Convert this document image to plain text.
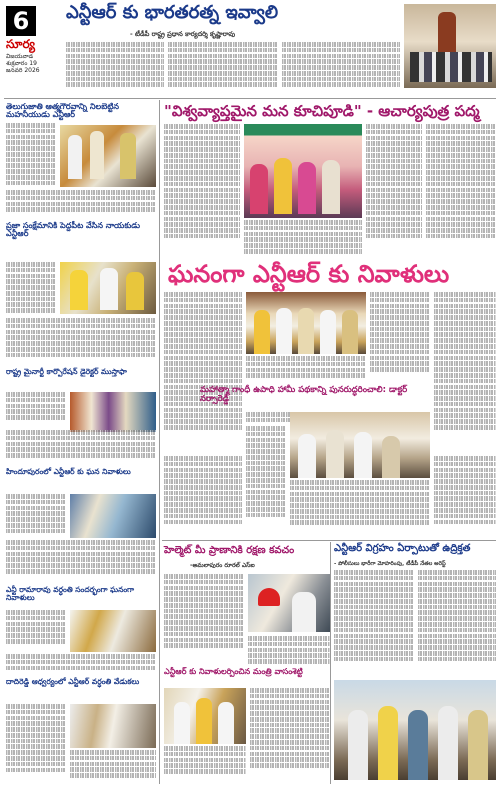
6
సూర్య
విజయవాడ
శుక్రవారం 19
జనవరి 2026
ఎన్టీఆర్ కు భారతరత్న ఇవ్వాలి
- టీడీపీ రాష్ట్ర ప్రధాన కార్యదర్శి కృష్ణారావు
తెలుగుజాతి ఆత్మగౌరవాన్ని నిలబెట్టిన మహనీయుడు ఎన్టీఆర్
ప్రజా సంక్షేమానికి పెద్దపీట వేసిన నాయకుడు ఎన్టీఆర్
రాష్ట్ర మైనార్టీ కార్పొరేషన్ డైరెక్టర్ ముస్తాఫా
హిందూపురంలో ఎన్టీఆర్ కు ఘన నివాళులు
ఎన్టీ రామారావు వర్ధంతి సందర్భంగా ఘనంగా నివాళులు
దాదిరెడ్డి ఆధ్వర్యంలో ఎన్టీఆర్ వర్ధంతి వేడుకలు
"విశ్వవ్యాప్తమైన మన కూచిపూడి" - ఆచార్యపుత్ర పద్మ
ఘనంగా ఎన్టీఆర్ కు నివాళులు
మహాత్మా గాంధీ ఉపాధి హామీ పథకాన్ని పునరుద్ధరించాలి: డాక్టర్ నర్సారెడ్డి
ఎన్టీఆర్ విగ్రహం ఏర్పాటుతో ఉద్రిక్తత
- పోలీసులు భారీగా మోహరింపు, టీడీపీ నేతల అరెస్ట్
హెల్మెట్ మీ ప్రాణానికి రక్షణ కవచం
-అమలాపురం రూరల్ ఎస్ఐ
ఎన్టీఆర్ కు నివాళులర్పించిన మంత్రి వాసంశెట్టి
